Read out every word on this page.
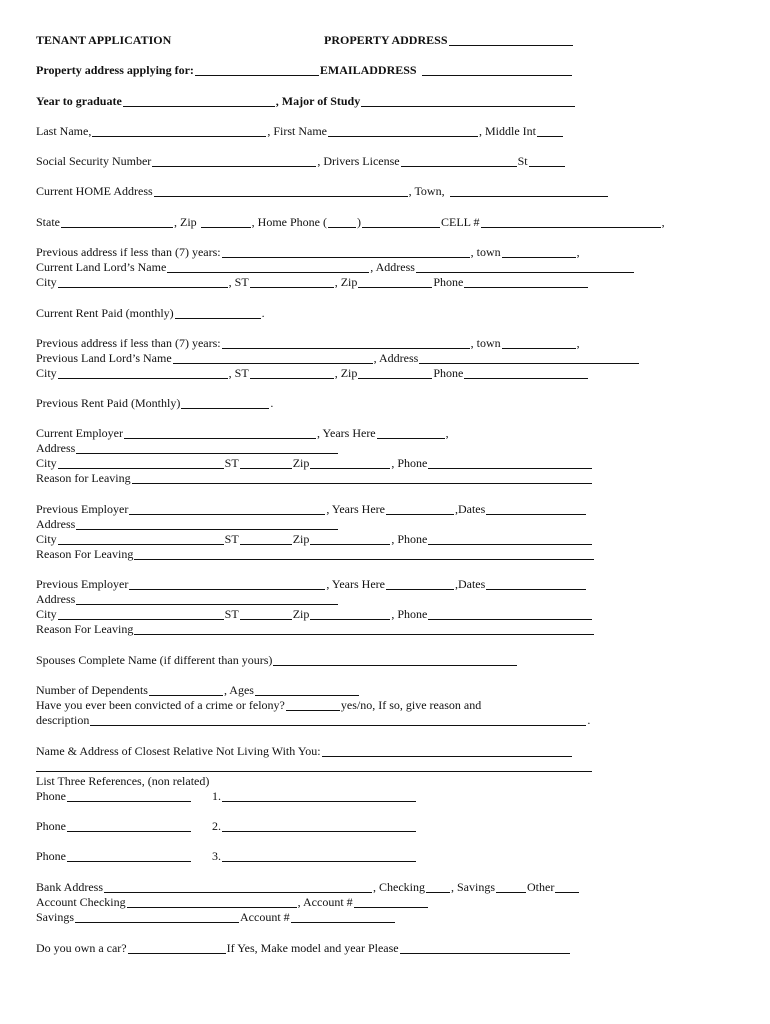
TENANT APPLICATION	PROPERTY ADDRESS
Property address applying for:	EMAILADDRESS
Year to graduate	, Major of Study
Last Name,	, First Name	, Middle Int
Social Security Number	, Drivers License	St
Current HOME Address	, Town,
State	, Zip	, Home Phone (	)	CELL #	,
Previous address if less than (7) years:	, town	,
Current Land Lord’s Name	, Address
City	, ST	, Zip	Phone
Current Rent Paid (monthly)	.
Previous address if less than (7) years:	, town	,
Previous Land Lord’s Name	, Address
City	, ST	, Zip	Phone
Previous Rent Paid (Monthly)	.
Current Employer	, Years Here	,
Address
City	ST	Zip	, Phone
Reason for Leaving
Previous Employer	, Years Here	,Dates
Address
City	ST	Zip	, Phone
Reason For Leaving
Previous Employer	, Years Here	,Dates
Address
City	ST	Zip	, Phone
Reason For Leaving
Spouses Complete Name (if different than yours)
Number of Dependents	, Ages
Have you ever been convicted of a crime or felony?	yes/no, If so, give reason and
description	.
Name & Address of Closest Relative Not Living With You:
List Three References, (non related)
Phone	1.
Phone	2.
Phone	3.
Bank Address	, Checking , Savings	Other
Account Checking	, Account #
Savings	Account #
Do you own a car?	If Yes, Make model and year Please
